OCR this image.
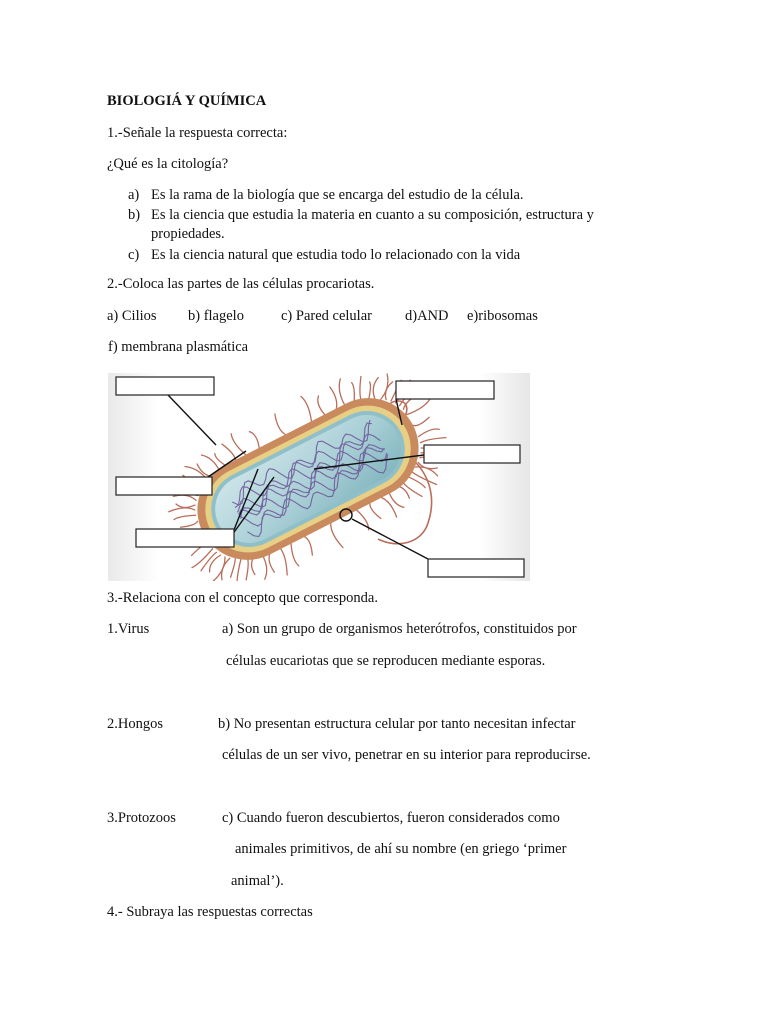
BIOLOGIÁ Y QUÍMICA
1.-Señale la respuesta correcta:
¿Qué es la citología?
a) Es la rama de la biología que se encarga del estudio de la célula.
b) Es la ciencia que estudia la materia en cuanto a su composición, estructura y
propiedades.
c) Es la ciencia natural que estudia todo lo relacionado con la vida
2.-Coloca las partes de las células procariotas.
a) Cilios b) flagelo	c) Pared celular d)AND e)ribosomas
f) membrana plasmática
3.-Relaciona con el concepto que corresponda.
1.Virus	a) Son un grupo de organismos heterótrofos, constituidos por
células eucariotas que se reproducen mediante esporas.
2.Hongos	b) No presentan estructura celular por tanto necesitan infectar
células de un ser vivo, penetrar en su interior para reproducirse.
3.Protozoos	c) Cuando fueron descubiertos, fueron considerados como
animales primitivos, de ahí su nombre (en griego ‘primer
animal’).
4.- Subraya las respuestas correctas
